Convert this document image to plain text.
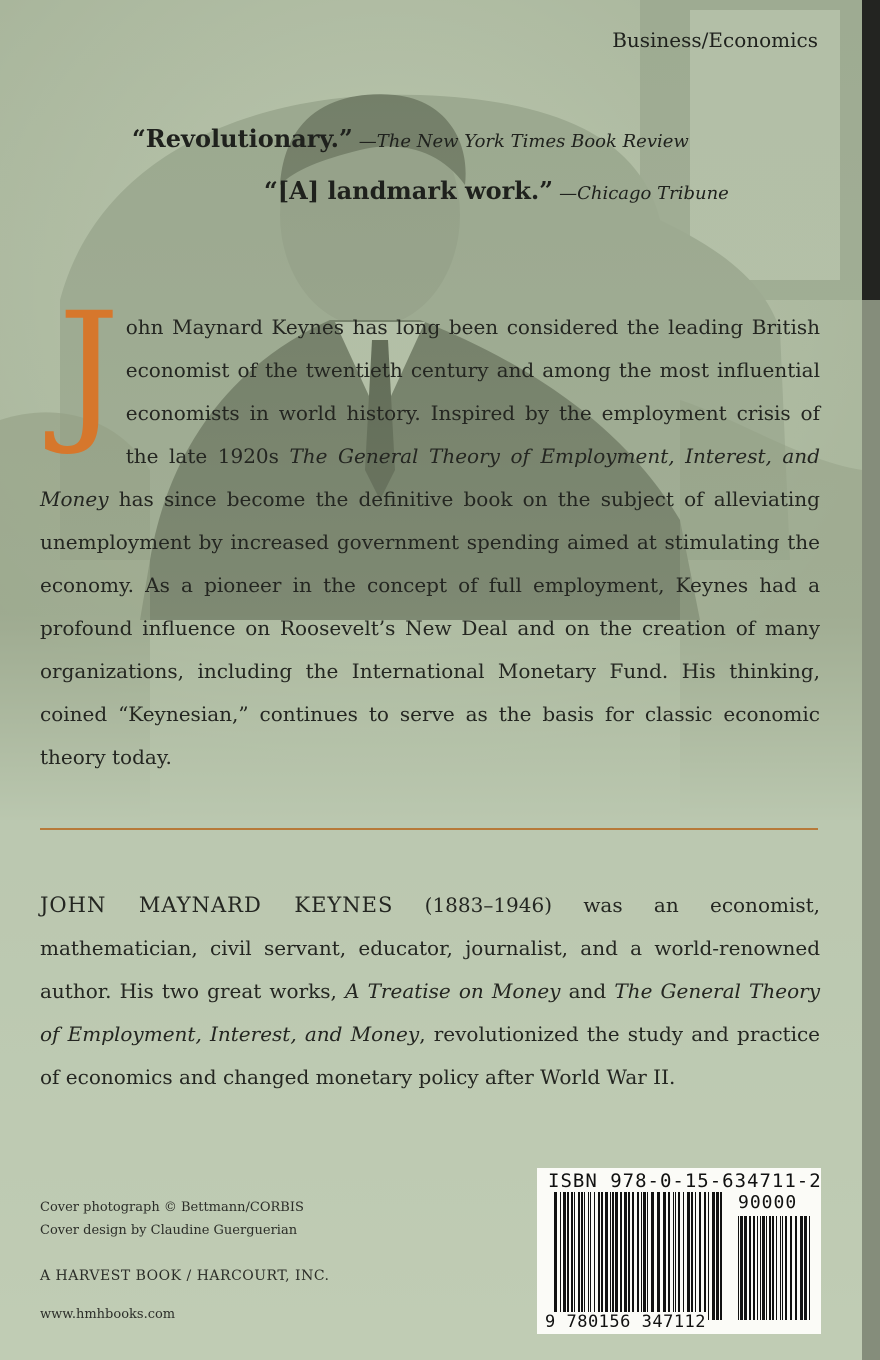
Business/Economics
“Revolutionary.” —The New York Times Book Review
“[A] landmark work.” —Chicago Tribune
John Maynard Keynes has long been considered the leading British economist of the twentieth century and among the most influential economists in world history. Inspired by the employment crisis of the late 1920s The General Theory of Employment, Interest, and Money has since become the definitive book on the subject of alleviating unemployment by increased government spending aimed at stimulating the economy. As a pioneer in the concept of full employment, Keynes had a profound influence on Roosevelt’s New Deal and on the creation of many organizations, including the International Monetary Fund. His thinking, coined “Keynesian,” continues to serve as the basis for classic economic theory today.
JOHN MAYNARD KEYNES (1883–1946) was an economist, mathematician, civil servant, educator, journalist, and a world-renowned author. His two great works, A Treatise on Money and The General Theory of Employment, Interest, and Money, revolutionized the study and practice of economics and changed monetary policy after World War II.
Cover photograph © Bettmann/CORBIS
Cover design by Claudine Guerguerian
A HARVEST BOOK / HARCOURT, INC.
www.hmhbooks.com
ISBN 978-0-15-634711-2
90000
9 780156 347112
